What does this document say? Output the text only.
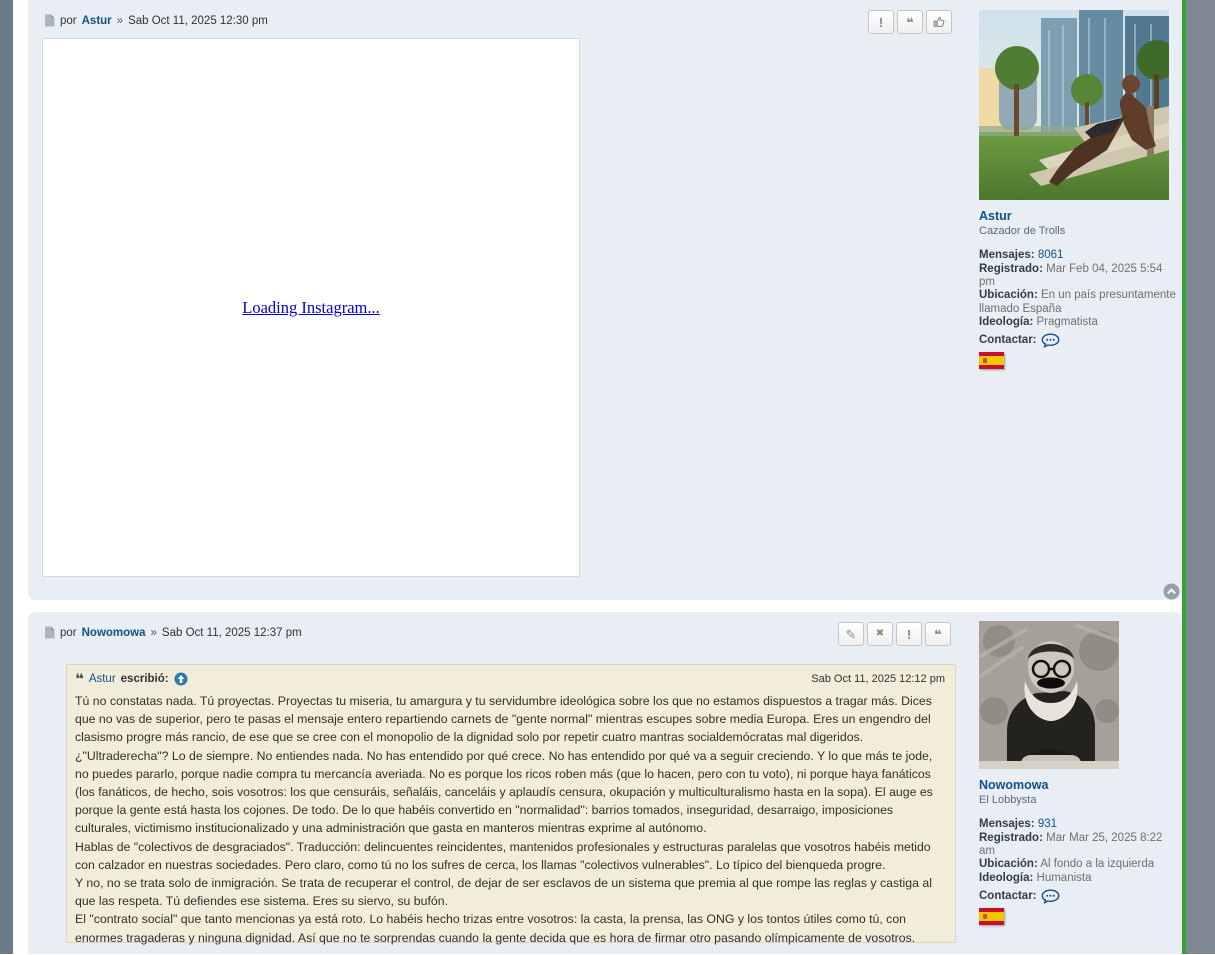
por Astur » Sab Oct 11, 2025 12:30 pm	! ❝
Loading Instagram...
Astur
Cazador de Trolls
Mensajes: 8061
Registrado: Mar Feb 04, 2025 5:54 pm
Ubicación: En un país presuntamente llamado España
Ideología: Pragmatista
Contactar:
por Nowomowa » Sab Oct 11, 2025 12:37 pm	✎ ✖ ! ❝
❝ Astur escribió:	Sab Oct 11, 2025 12:12 pm
Tú no constatas nada. Tú proyectas. Proyectas tu miseria, tu amargura y tu servidumbre ideológica sobre los que no estamos dispuestos a tragar más. Dices que no vas de superior, pero te pasas el mensaje entero repartiendo carnets de "gente normal" mientras escupes sobre media Europa. Eres un engendro del clasismo progre más rancio, de ese que se cree con el monopolio de la dignidad solo por repetir cuatro mantras socialdemócratas mal digeridos.
¿"Ultraderecha"? Lo de siempre. No entiendes nada. No has entendido por qué crece. No has entendido por qué va a seguir creciendo. Y lo que más te jode, no puedes pararlo, porque nadie compra tu mercancía averiada. No es porque los ricos roben más (que lo hacen, pero con tu voto), ni porque haya fanáticos (los fanáticos, de hecho, sois vosotros: los que censuráis, señaláis, canceláis y aplaudís censura, okupación y multiculturalismo hasta en la sopa). El auge es porque la gente está hasta los cojones. De todo. De lo que habéis convertido en "normalidad": barrios tomados, inseguridad, desarraigo, imposiciones culturales, victimismo institucionalizado y una administración que gasta en manteros mientras exprime al autónomo.
Hablas de "colectivos de desgraciados". Traducción: delincuentes reincidentes, mantenidos profesionales y estructuras paralelas que vosotros habéis metido con calzador en nuestras sociedades. Pero claro, como tú no los sufres de cerca, los llamas "colectivos vulnerables". Lo típico del bienqueda progre.
Y no, no se trata solo de inmigración. Se trata de recuperar el control, de dejar de ser esclavos de un sistema que premia al que rompe las reglas y castiga al que las respeta. Tú defiendes ese sistema. Eres su siervo, su bufón.
El "contrato social" que tanto mencionas ya está roto. Lo habéis hecho trizas entre vosotros: la casta, la prensa, las ONG y los tontos útiles como tú, con enormes tragaderas y ninguna dignidad. Así que no te sorprendas cuando la gente decida que es hora de firmar otro pasando olímpicamente de vosotros.
Nowomowa
El Lobbysta
Mensajes: 931
Registrado: Mar Mar 25, 2025 8:22 am
Ubicación: Al fondo a la izquierda
Ideología: Humanista
Contactar:
